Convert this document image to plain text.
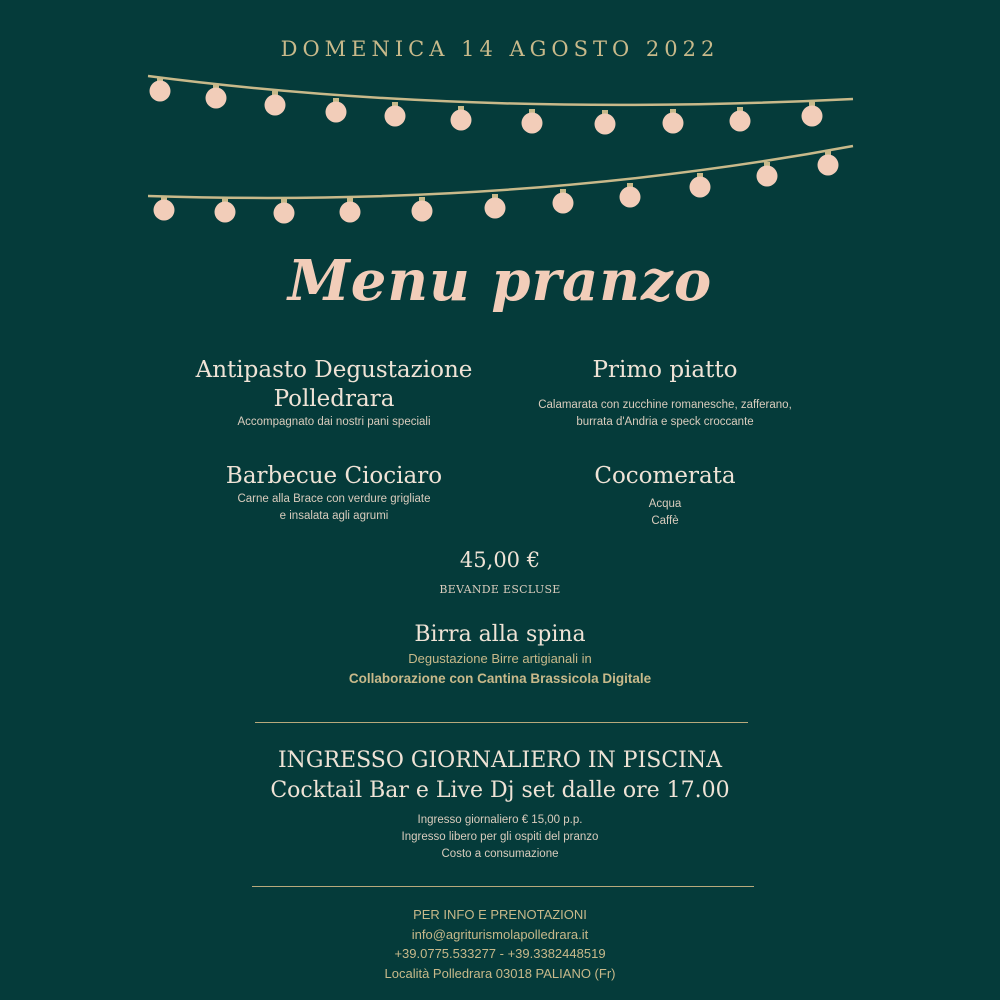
DOMENICA 14 AGOSTO 2022
Menu pranzo
Antipasto Degustazione Polledrara

Accompagnato dai nostri pani speciali

Primo piatto

Calamarata con zucchine romanesche, zafferano,

burrata d'Andria e speck croccante

Barbecue Ciociaro

Carne alla Brace con verdure grigliate

e insalata agli agrumi

Cocomerata

Acqua

Caffè

45,00 €
BEVANDE ESCLUSE
Birra alla spina

Degustazione Birre artigianali in

Collaborazione con Cantina Brassicola Digitale

INGRESSO GIORNALIERO IN PISCINA
Cocktail Bar e Live Dj set dalle ore 17.00
Ingresso giornaliero € 15,00 p.p.
Ingresso libero per gli ospiti del pranzo
Costo a consumazione
PER INFO E PRENOTAZIONI
info@agriturismolapolledrara.it
+39.0775.533277 - +39.3382448519
Località Polledrara 03018 PALIANO (Fr)
